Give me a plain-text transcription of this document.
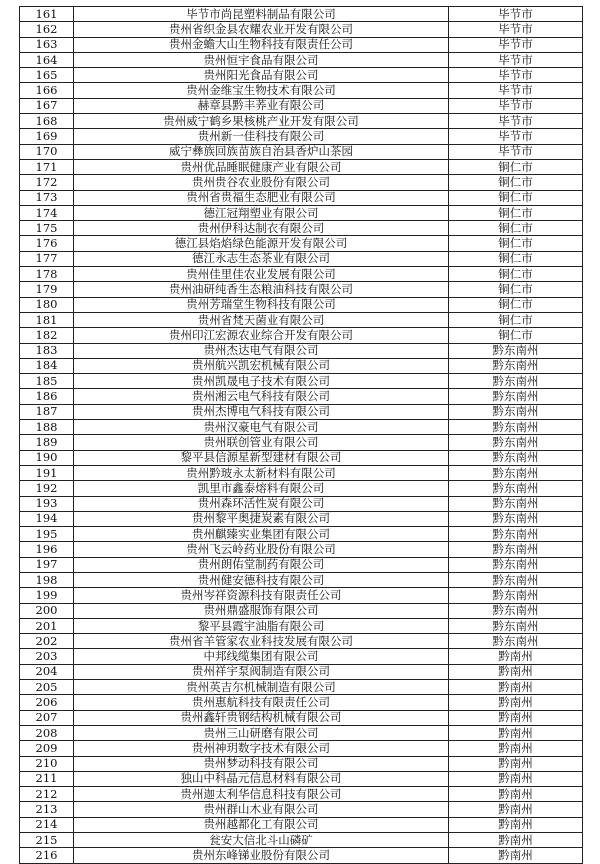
161	毕节市尚昆塑料制品有限公司	毕节市
162	贵州省织金县农耀农业开发有限公司	毕节市
163	贵州金蟾大山生物科技有限责任公司	毕节市
164	贵州恒宇食品有限公司	毕节市
165	贵州阳光食品有限公司	毕节市
166	贵州金维宝生物技术有限公司	毕节市
167	赫章县黔丰荞业有限公司	毕节市
168	贵州威宁鹤乡果核桃产业开发有限公司	毕节市
169	贵州新一佳科技有限公司	毕节市
170	威宁彝族回族苗族自治县香炉山茶园	毕节市
171	贵州优品睡眠健康产业有限公司	铜仁市
172	贵州贵谷农业股份有限公司	铜仁市
173	贵州省贵福生态肥业有限公司	铜仁市
174	德江冠翔塑业有限公司	铜仁市
175	贵州伊科达制衣有限公司	铜仁市
176	德江县焰焰绿色能源开发有限公司	铜仁市
177	德江永志生态茶业有限公司	铜仁市
178	贵州佳里佳农业发展有限公司	铜仁市
179	贵州油研纯香生态粮油科技有限公司	铜仁市
180	贵州芳瑞堂生物科技有限公司	铜仁市
181	贵州省梵天菌业有限公司	铜仁市
182	贵州印江宏源农业综合开发有限公司	铜仁市
183	贵州杰达电气有限公司	黔东南州
184	贵州航兴凯宏机械有限公司	黔东南州
185	贵州凯晟电子技术有限公司	黔东南州
186	贵州湘云电气科技有限公司	黔东南州
187	贵州杰博电气科技有限公司	黔东南州
188	贵州汉豪电气有限公司	黔东南州
189	贵州联创管业有限公司	黔东南州
190	黎平县信源星新型建材有限公司	黔东南州
191	贵州黔玻永太新材料有限公司	黔东南州
192	凯里市鑫泰熔料有限公司	黔东南州
193	贵州森环活性炭有限公司	黔东南州
194	贵州黎平奥捷炭素有限公司	黔东南州
195	贵州麒臻实业集团有限公司	黔东南州
196	贵州飞云岭药业股份有限公司	黔东南州
197	贵州朗佑堂制药有限公司	黔东南州
198	贵州健安德科技有限公司	黔东南州
199	贵州岑祥资源科技有限责任公司	黔东南州
200	贵州鼎盛服饰有限公司	黔东南州
201	黎平县霞宇油脂有限公司	黔东南州
202	贵州省羊管家农业科技发展有限公司	黔东南州
203	中邦线缆集团有限公司	黔南州
204	贵州祥宇泵阀制造有限公司	黔南州
205	贵州英吉尔机械制造有限公司	黔南州
206	贵州惠航科技有限责任公司	黔南州
207	贵州鑫轩贵钢结构机械有限公司	黔南州
208	贵州三山研磨有限公司	黔南州
209	贵州神玥数字技术有限公司	黔南州
210	贵州梦动科技有限公司	黔南州
211	独山中科晶元信息材料有限公司	黔南州
212	贵州迦太利华信息科技有限公司	黔南州
213	贵州群山木业有限公司	黔南州
214	贵州越都化工有限公司	黔南州
215	瓮安大信北斗山磷矿	黔南州
216	贵州东峰锑业股份有限公司	黔南州
